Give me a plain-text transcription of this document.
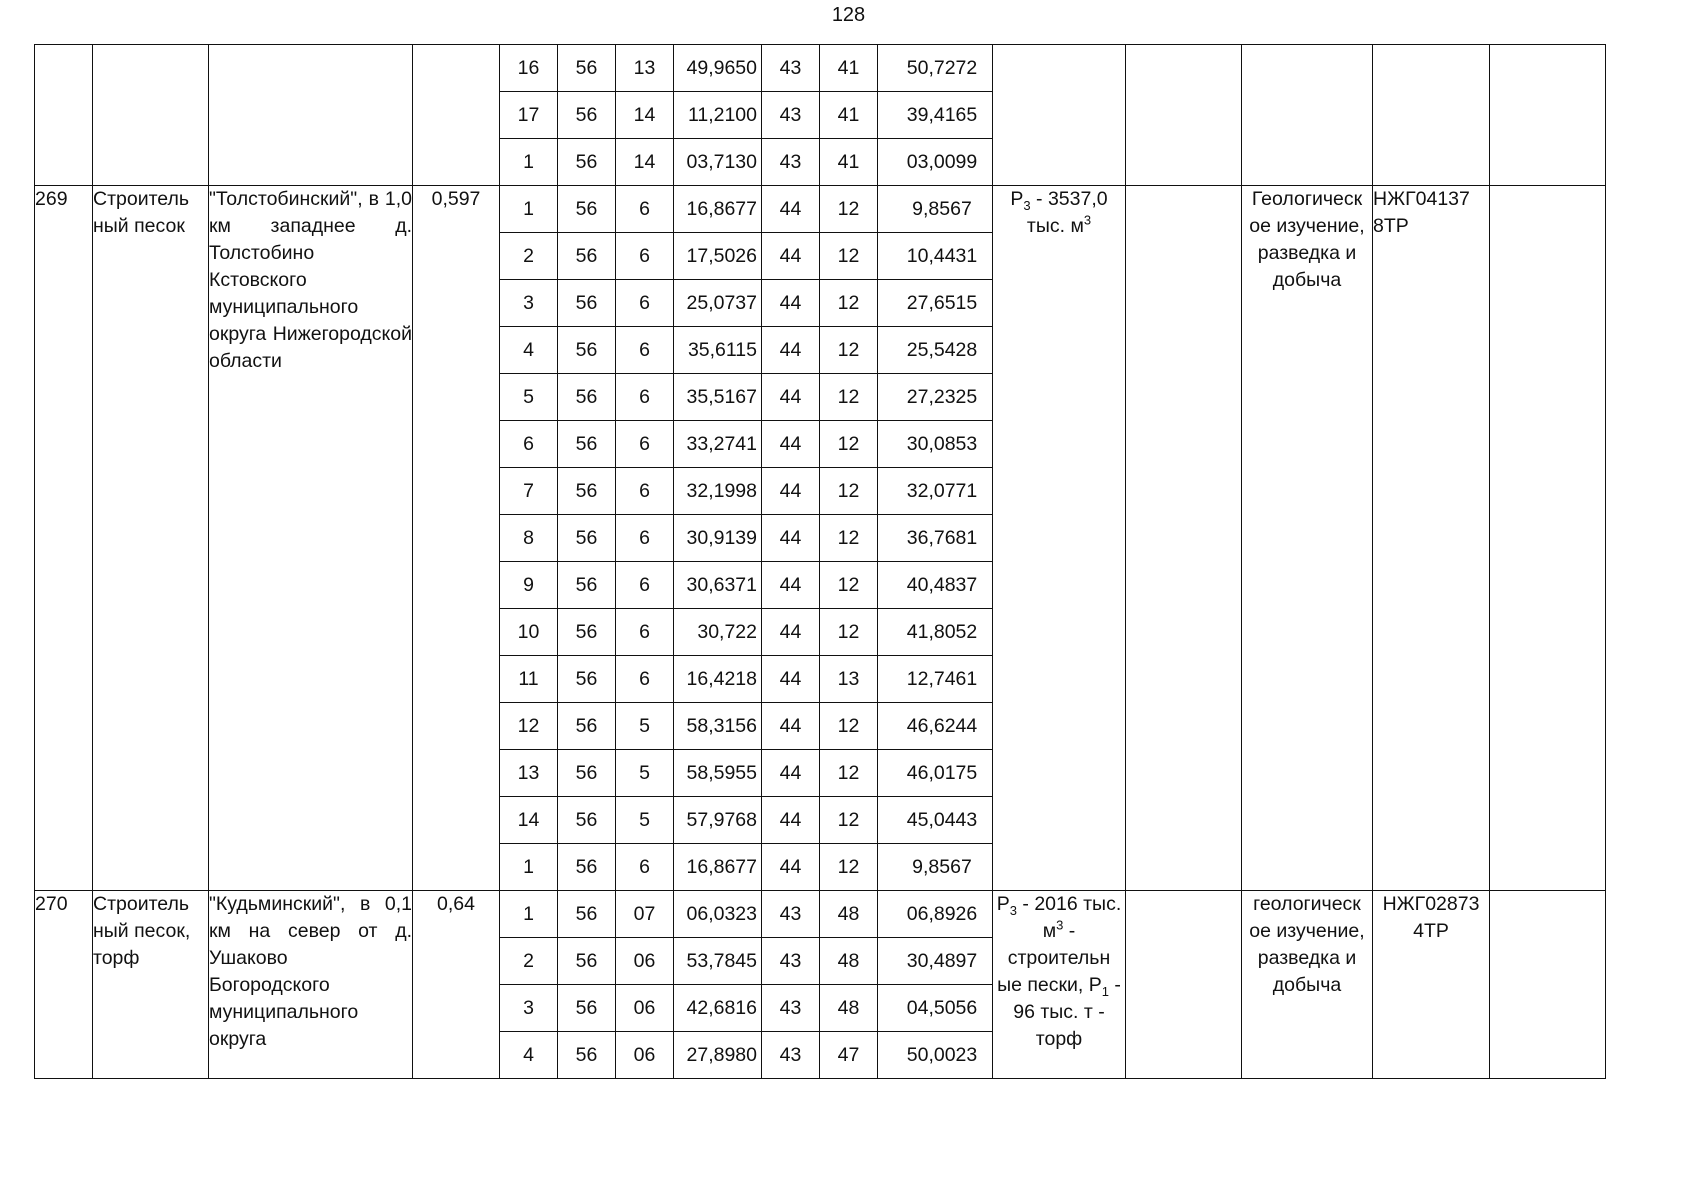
128
				16	56	13	49,9650	43	41	50,7272					
				17	56	14	11,2100	43	41	39,4165					
				1	56	14	03,7130	43	41	03,0099					
269	Строитель ный песок	"Толстобинский", в 1,0 км западнее д. Толстобино Кстовского муниципального округа Нижегородской области	0,597	1	56	6	16,8677	44	12	9,8567	$P_3 - 3537,0$ тыс. $м^3$		Геологическ ое изучение, разведка и добыча	НЖГ04137 8ТР	
				2	56	6	17,5026	44	12	10,4431					
				3	56	6	25,0737	44	12	27,6515					
				4	56	6	35,6115	44	12	25,5428					
				5	56	6	35,5167	44	12	27,2325					
				6	56	6	33,2741	44	12	30,0853					
				7	56	6	32,1998	44	12	32,0771					
				8	56	6	30,9139	44	12	36,7681					
				9	56	6	30,6371	44	12	40,4837					
				10	56	6	30,722	44	12	41,8052					
				11	56	6	16,4218	44	13	12,7461					
				12	56	5	58,3156	44	12	46,6244					
				13	56	5	58,5955	44	12	46,0175					
				14	56	5	57,9768	44	12	45,0443					
				1	56	6	16,8677	44	12	9,8567					
270	Строитель ный песок, торф	"Кудьминский", в 0,1 км на север от д. Ушаково Богородского муниципального округа	0,64	1	56	07	06,0323	43	48	06,8926	$P_3 - 2016$ тыс. $м^3$ - строительн ые пески, $P_1 - 96$ тыс. т - торф		геологическ ое изучение, разведка и добыча	НЖГ02873 4ТР	
				2	56	06	53,7845	43	48	30,4897					
				3	56	06	42,6816	43	48	04,5056					
				4	56	06	27,8980	43	47	50,0023					
